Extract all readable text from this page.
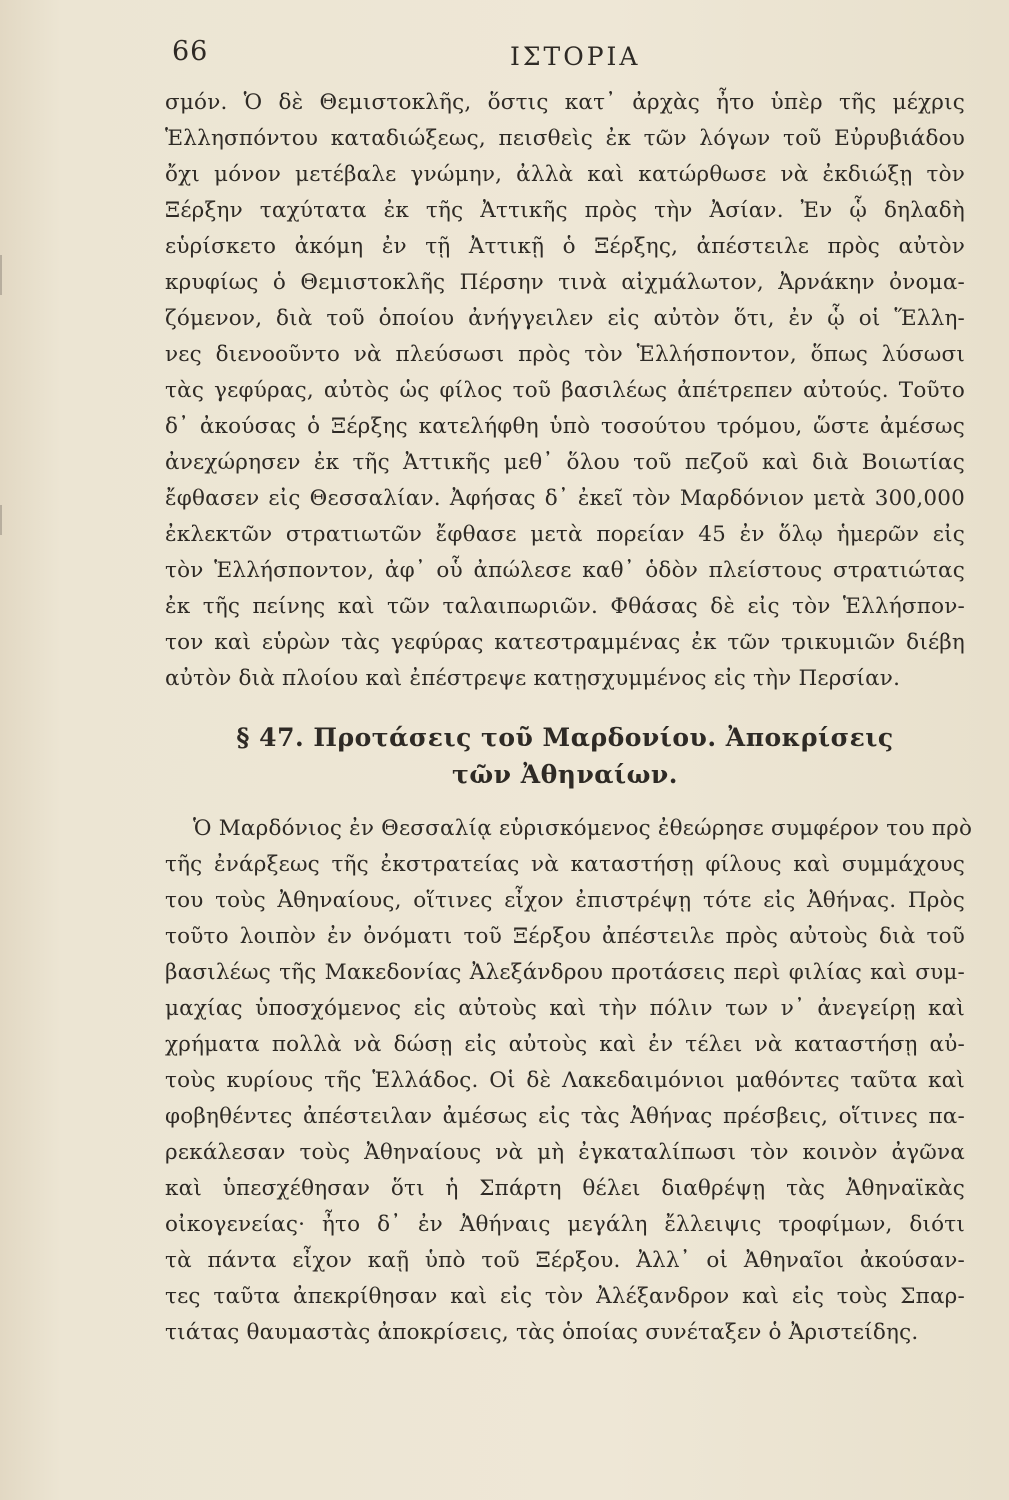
66	ΙΣΤΟΡΙΑ
σμόν. Ὁ δὲ Θεμιστοκλῆς, ὅστις κατ᾽ ἀρχὰς ἦτο ὑπὲρ τῆς μέχρις
Ἑλλησπόντου καταδιώξεως, πεισθεὶς ἐκ τῶν λόγων τοῦ Εὐρυβιάδου
ὄχι μόνον μετέβαλε γνώμην, ἀλλὰ καὶ κατώρθωσε νὰ ἐκδιώξῃ τὸν
Ξέρξην ταχύτατα ἐκ τῆς Ἀττικῆς πρὸς τὴν Ἀσίαν. Ἐν ᾧ δηλαδὴ
εὑρίσκετο ἀκόμη ἐν τῇ Ἀττικῇ ὁ Ξέρξης, ἀπέστειλε πρὸς αὐτὸν
κρυφίως ὁ Θεμιστοκλῆς Πέρσην τινὰ αἰχμάλωτον, Ἀρνάκην ὀνομα-
ζόμενον, διὰ τοῦ ὁποίου ἀνήγγειλεν εἰς αὐτὸν ὅτι, ἐν ᾧ οἱ Ἕλλη-
νες διενοοῦντο νὰ πλεύσωσι πρὸς τὸν Ἑλλήσποντον, ὅπως λύσωσι
τὰς γεφύρας, αὐτὸς ὡς φίλος τοῦ βασιλέως ἀπέτρεπεν αὐτούς. Τοῦτο
δ᾽ ἀκούσας ὁ Ξέρξης κατελήφθη ὑπὸ τοσούτου τρόμου, ὥστε ἀμέσως
ἀνεχώρησεν ἐκ τῆς Ἀττικῆς μεθ᾽ ὅλου τοῦ πεζοῦ καὶ διὰ Βοιωτίας
ἔφθασεν εἰς Θεσσαλίαν. Ἀφήσας δ᾽ ἐκεῖ τὸν Μαρδόνιον μετὰ 300,000
ἐκλεκτῶν στρατιωτῶν ἔφθασε μετὰ πορείαν 45 ἐν ὅλῳ ἡμερῶν εἰς
τὸν Ἑλλήσποντον, ἀφ᾽ οὗ ἀπώλεσε καθ᾽ ὁδὸν πλείστους στρατιώτας
ἐκ τῆς πείνης καὶ τῶν ταλαιπωριῶν. Φθάσας δὲ εἰς τὸν Ἑλλήσπον-
τον καὶ εὑρὼν τὰς γεφύρας κατεστραμμένας ἐκ τῶν τρικυμιῶν διέβη
αὐτὸν διὰ πλοίου καὶ ἐπέστρεψε κατῃσχυμμένος εἰς τὴν Περσίαν.
§ 47. Προτάσεις τοῦ Μαρδονίου. Ἀποκρίσεις
τῶν Ἀθηναίων.
Ὁ Μαρδόνιος ἐν Θεσσαλίᾳ εὑρισκόμενος ἐθεώρησε συμφέρον του πρὸ
τῆς ἐνάρξεως τῆς ἐκστρατείας νὰ καταστήσῃ φίλους καὶ συμμάχους
του τοὺς Ἀθηναίους, οἵτινες εἶχον ἐπιστρέψῃ τότε εἰς Ἀθήνας. Πρὸς
τοῦτο λοιπὸν ἐν ὀνόματι τοῦ Ξέρξου ἀπέστειλε πρὸς αὐτοὺς διὰ τοῦ
βασιλέως τῆς Μακεδονίας Ἀλεξάνδρου προτάσεις περὶ φιλίας καὶ συμ-
μαχίας ὑποσχόμενος εἰς αὐτοὺς καὶ τὴν πόλιν των ν᾽ ἀνεγείρῃ καὶ
χρήματα πολλὰ νὰ δώσῃ εἰς αὐτοὺς καὶ ἐν τέλει νὰ καταστήσῃ αὐ-
τοὺς κυρίους τῆς Ἑλλάδος. Οἱ δὲ Λακεδαιμόνιοι μαθόντες ταῦτα καὶ
φοβηθέντες ἀπέστειλαν ἀμέσως εἰς τὰς Ἀθήνας πρέσβεις, οἵτινες πα-
ρεκάλεσαν τοὺς Ἀθηναίους νὰ μὴ ἐγκαταλίπωσι τὸν κοινὸν ἀγῶνα
καὶ ὑπεσχέθησαν ὅτι ἡ Σπάρτη θέλει διαθρέψῃ τὰς Ἀθηναϊκὰς
οἰκογενείας· ἦτο δ᾽ ἐν Ἀθήναις μεγάλη ἔλλειψις τροφίμων, διότι
τὰ πάντα εἶχον καῇ ὑπὸ τοῦ Ξέρξου. Ἀλλ᾽ οἱ Ἀθηναῖοι ἀκούσαν-
τες ταῦτα ἀπεκρίθησαν καὶ εἰς τὸν Ἀλέξανδρον καὶ εἰς τοὺς Σπαρ-
τιάτας θαυμαστὰς ἀποκρίσεις, τὰς ὁποίας συνέταξεν ὁ Ἀριστείδης.
